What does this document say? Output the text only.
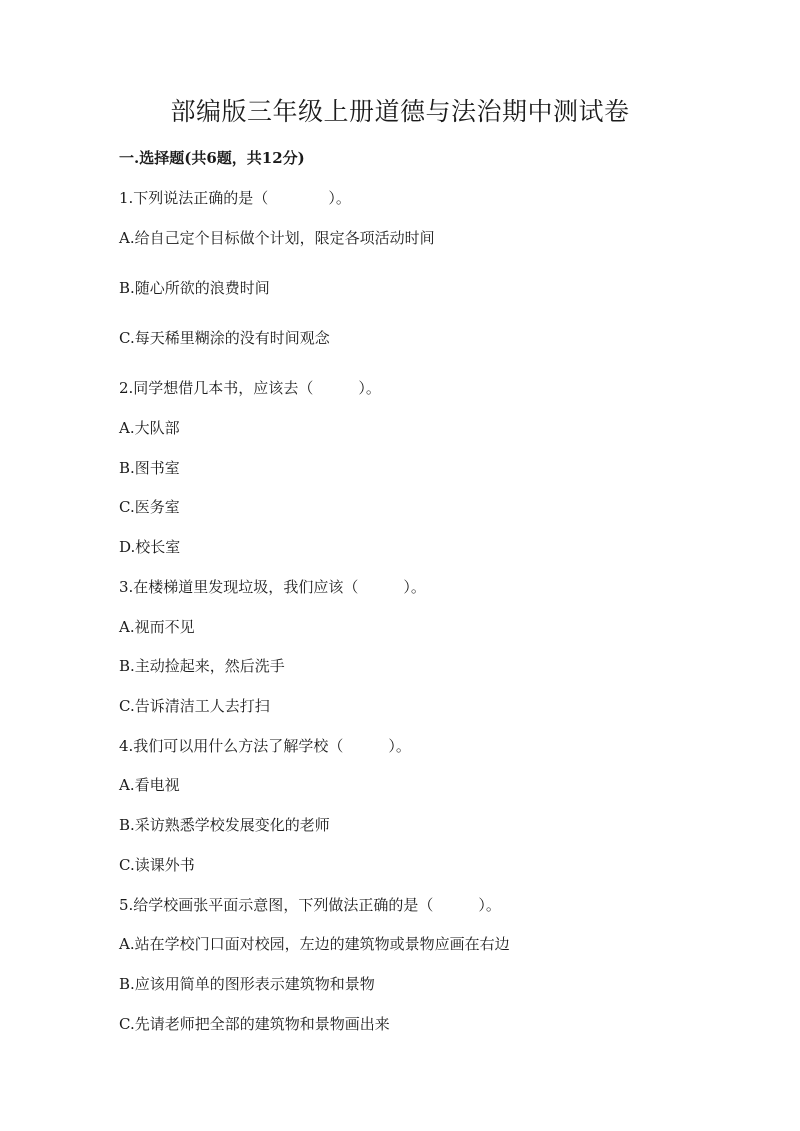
部编版三年级上册道德与法治期中测试卷
一.选择题(共6题，共12分)
1.下列说法正确的是（　　　　）。
A.给自己定个目标做个计划，限定各项活动时间
B.随心所欲的浪费时间
C.每天稀里糊涂的没有时间观念
2.同学想借几本书，应该去（　　　）。
A.大队部
B.图书室
C.医务室
D.校长室
3.在楼梯道里发现垃圾，我们应该（　　　）。
A.视而不见
B.主动捡起来，然后洗手
C.告诉清洁工人去打扫
4.我们可以用什么方法了解学校（　　　）。
A.看电视
B.采访熟悉学校发展变化的老师
C.读课外书
5.给学校画张平面示意图，下列做法正确的是（　　　）。
A.站在学校门口面对校园，左边的建筑物或景物应画在右边
B.应该用简单的图形表示建筑物和景物
C.先请老师把全部的建筑物和景物画出来
